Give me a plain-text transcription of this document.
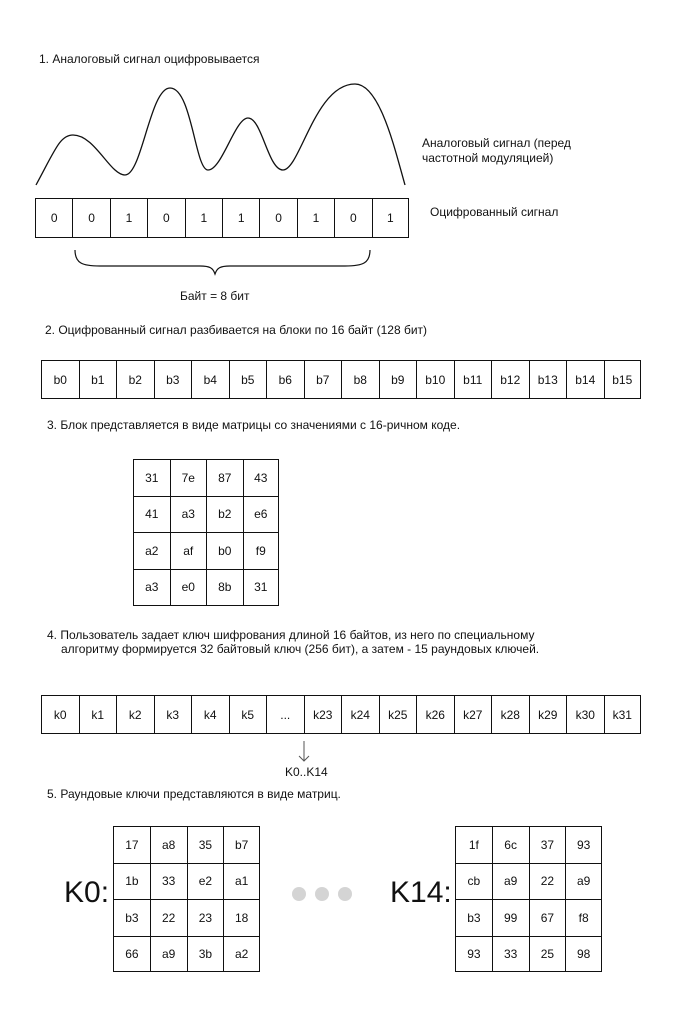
1. Аналоговый сигнал оцифровывается
Аналоговый сигнал (перед частотной модуляцией)
Оцифрованный сигнал
0	0	1	0	1	1	0	1	0	1
Байт = 8 бит
2. Оцифрованный сигнал разбивается на блоки по 16 байт (128 бит)
b0	b1	b2	b3	b4	b5	b6	b7	b8	b9	b10	b11	b12	b13	b14	b15
3. Блок представляется в виде матрицы со значениями с 16-ричном коде.
31	7e	87	43
41	a3	b2	e6
a2	af	b0	f9
a3	e0	8b	31
4. Пользователь задает ключ шифрования длиной 16 байтов, из него по специальному
алгоритму формируется 32 байтовый ключ (256 бит), а затем - 15 раундовых ключей.
k0	k1	k2	k3	k4	k5	...	k23	k24	k25	k26	k27	k28	k29	k30	k31
K0..K14
5. Раундовые ключи представляются в виде матриц.
K0:
17	a8	35	b7
1b	33	e2	a1
b3	22	23	18
66	a9	3b	a2
K14:
1f	6c	37	93
cb	a9	22	a9
b3	99	67	f8
93	33	25	98
